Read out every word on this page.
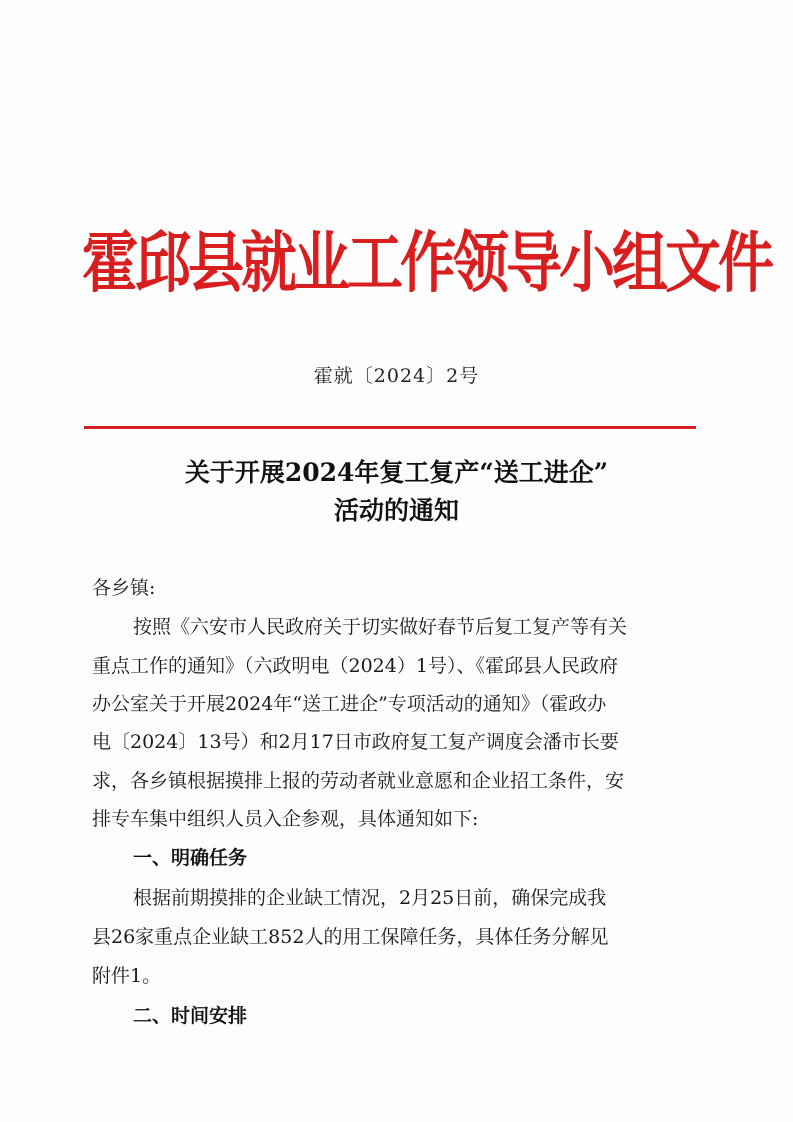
霍邱县就业工作领导小组文件
霍就〔2024〕2号
关于开展2024年复工复产“送工进企”
活动的通知
各乡镇:
按照《六安市人民政府关于切实做好春节后复工复产等有关
重点工作的通知》（六政明电（2024）1号）、《霍邱县人民政府
办公室关于开展2024年“送工进企”专项活动的通知》（霍政办
电〔2024〕13号）和2月17日市政府复工复产调度会潘市长要
求，各乡镇根据摸排上报的劳动者就业意愿和企业招工条件，安
排专车集中组织人员入企参观，具体通知如下:
一、明确任务
根据前期摸排的企业缺工情况，2月25日前，确保完成我
县26家重点企业缺工852人的用工保障任务，具体任务分解见
附件1。
二、时间安排
